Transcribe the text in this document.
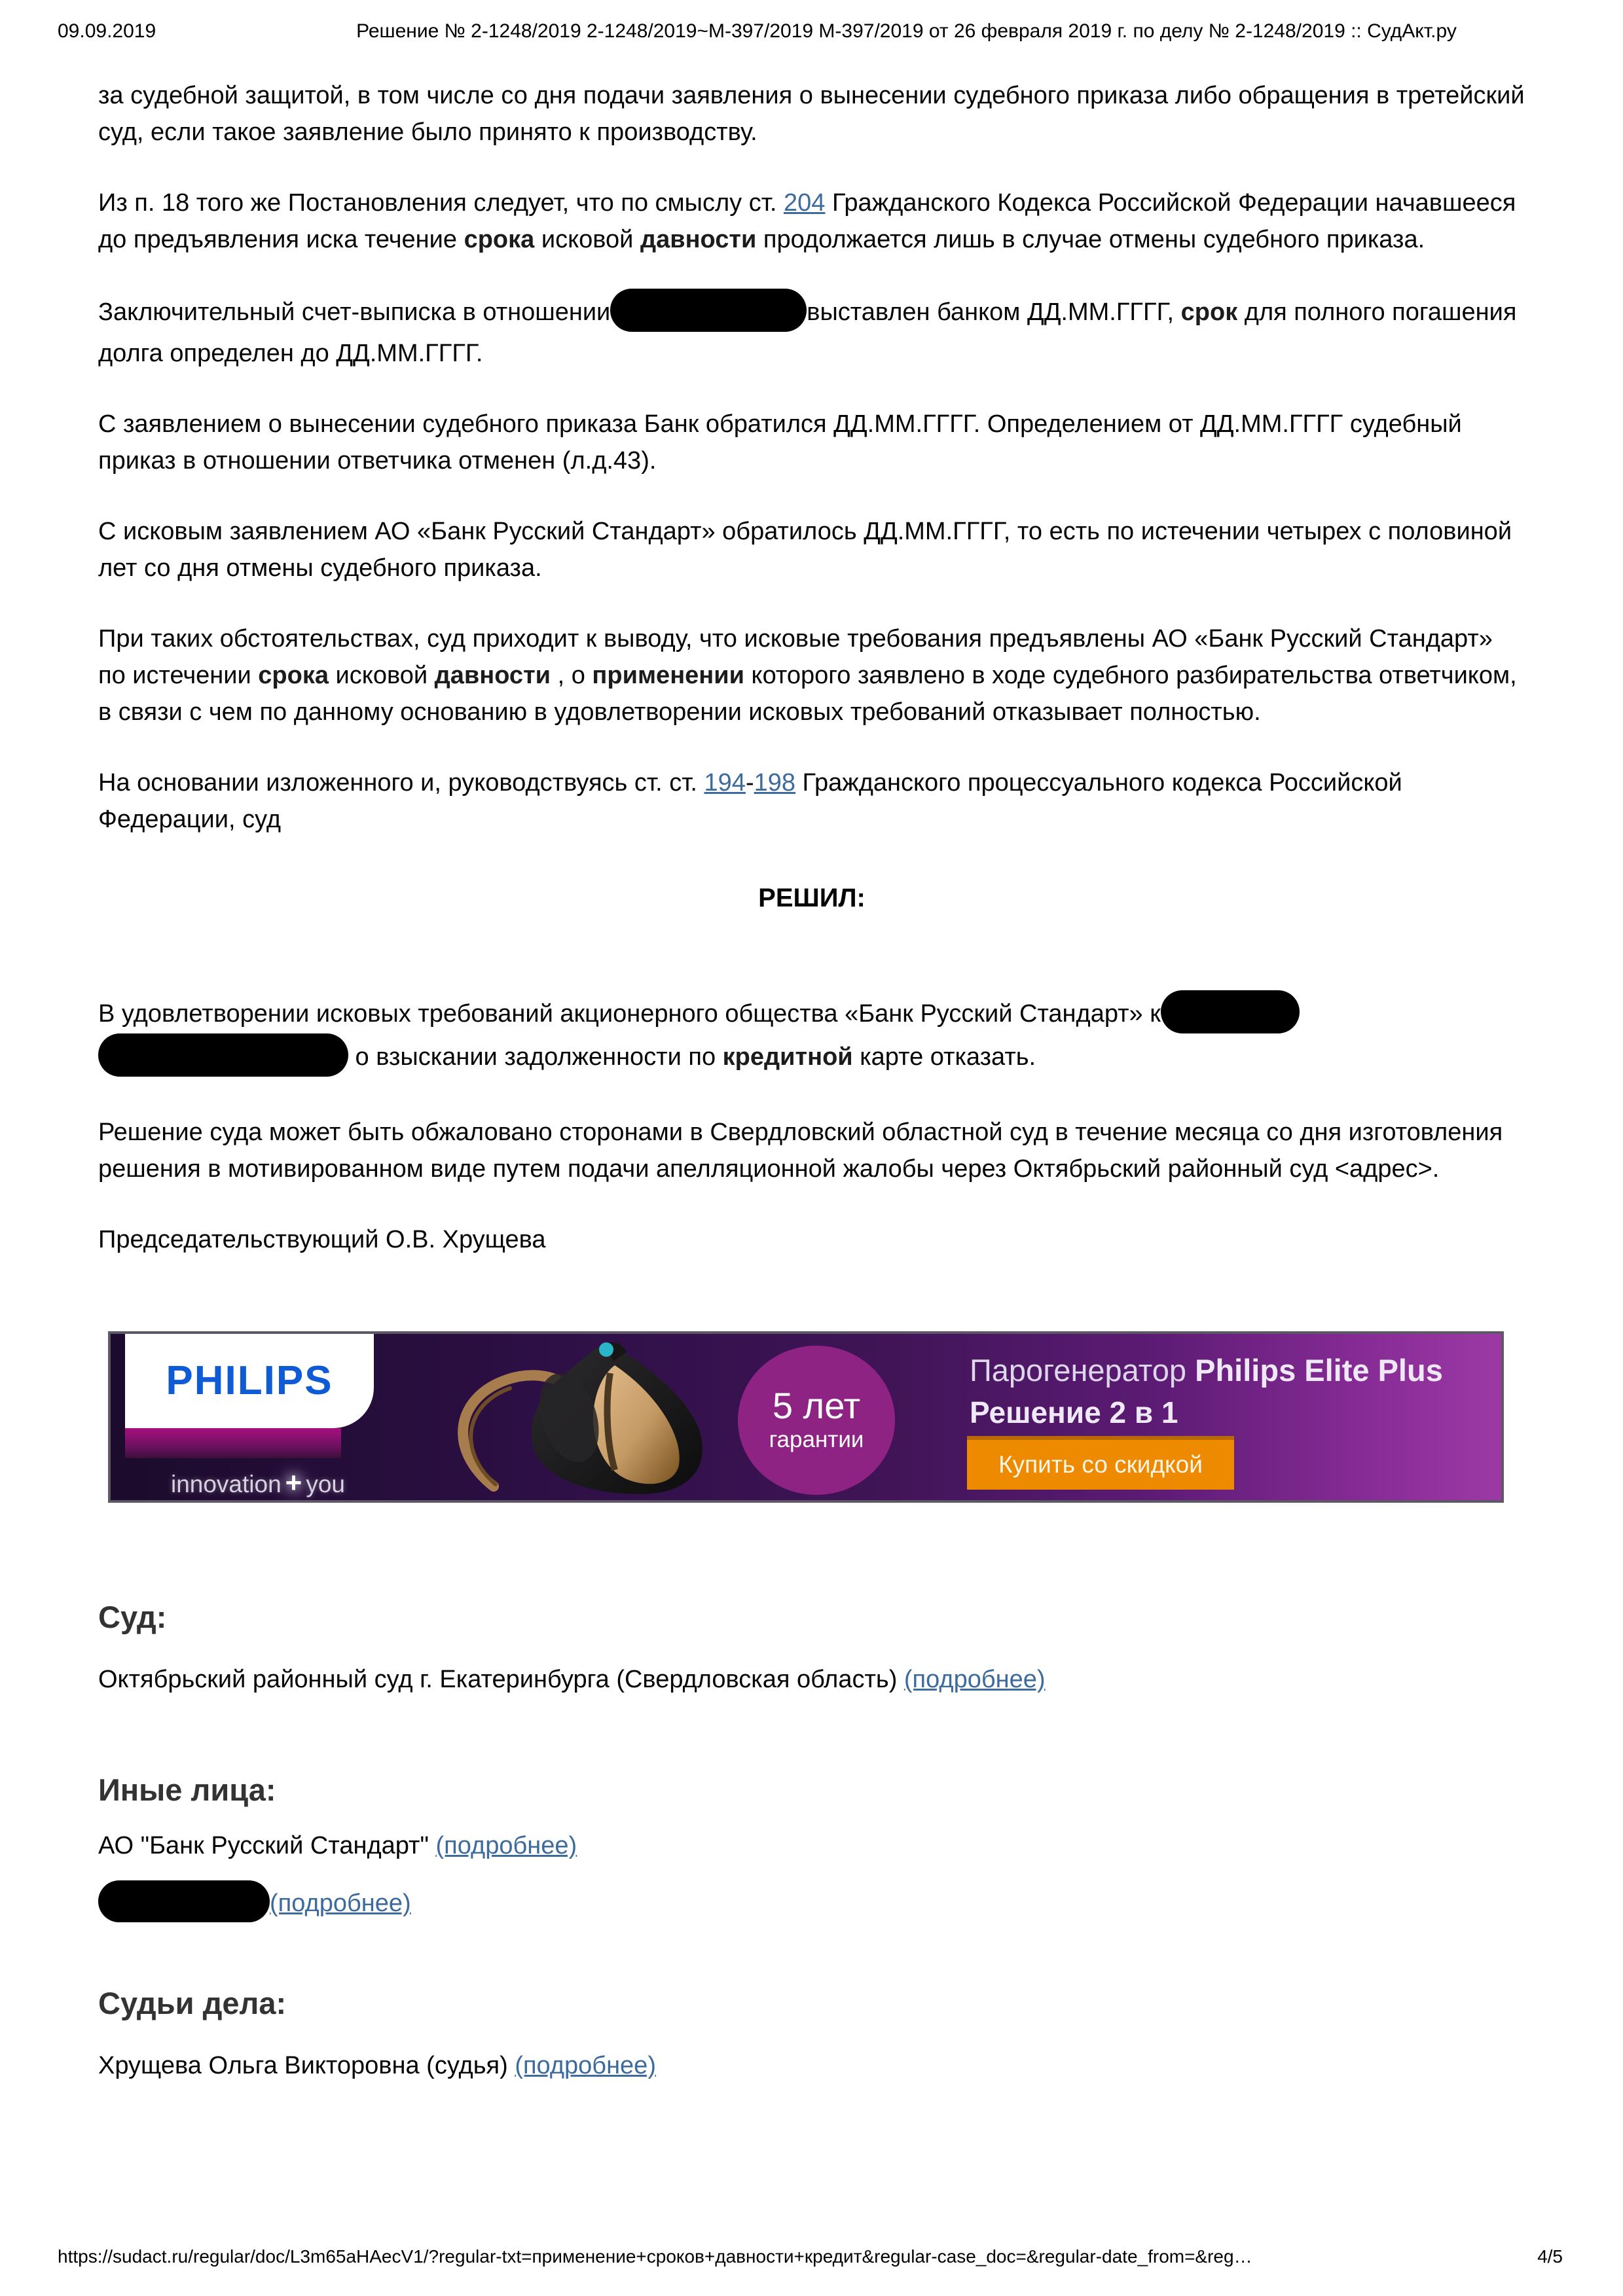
09.09.2019	Решение № 2-1248/2019 2-1248/2019~М-397/2019 М-397/2019 от 26 февраля 2019 г. по делу № 2-1248/2019 :: СудАкт.ру
за судебной защитой, в том числе со дня подачи заявления о вынесении судебного приказа либо обращения в третейский суд, если такое заявление было принято к производству.
Из п. 18 того же Постановления следует, что по смыслу ст. 204 Гражданского Кодекса Российской Федерации начавшееся до предъявления иска течение срока исковой давности продолжается лишь в случае отмены судебного приказа.
Заключительный счет-выписка в отношении	выставлен банком ДД.ММ.ГГГГ, срок для полного погашения долга определен до ДД.ММ.ГГГГ.
С заявлением о вынесении судебного приказа Банк обратился ДД.ММ.ГГГГ. Определением от ДД.ММ.ГГГГ судебный приказ в отношении ответчика отменен (л.д.43).
С исковым заявлением АО «Банк Русский Стандарт» обратилось ДД.ММ.ГГГГ, то есть по истечении четырех с половиной лет со дня отмены судебного приказа.
При таких обстоятельствах, суд приходит к выводу, что исковые требования предъявлены АО «Банк Русский Стандарт» по истечении срока исковой давности , о применении которого заявлено в ходе судебного разбирательства ответчиком, в связи с чем по данному основанию в удовлетворении исковых требований отказывает полностью.
На основании изложенного и, руководствуясь ст. ст. 194-198 Гражданского процессуального кодекса Российской Федерации, суд
РЕШИЛ:
В удовлетворении исковых требований акционерного общества «Банк Русский Стандарт» к
о взыскании задолженности по кредитной карте отказать.
Решение суда может быть обжаловано сторонами в Свердловский областной суд в течение месяца со дня изготовления решения в мотивированном виде путем подачи апелляционной жалобы через Октябрьский районный суд <адрес>.
Председательствующий О.В. Хрущева
PHILIPS
innovation + you
5 лет
гарантии
Парогенератор Philips Elite Plus
Решение 2 в 1
Купить со скидкой
Суд:
Октябрьский районный суд г. Екатеринбурга (Свердловская область) (подробнее)
Иные лица:
АО "Банк Русский Стандарт" (подробнее)
(подробнее)
Судьи дела:
Хрущева Ольга Викторовна (судья) (подробнее)
https://sudact.ru/regular/doc/L3m65aHAecV1/?regular-txt=применение+сроков+давности+кредит&regular-case_doc=&regular-date_from=&reg…	4/5
